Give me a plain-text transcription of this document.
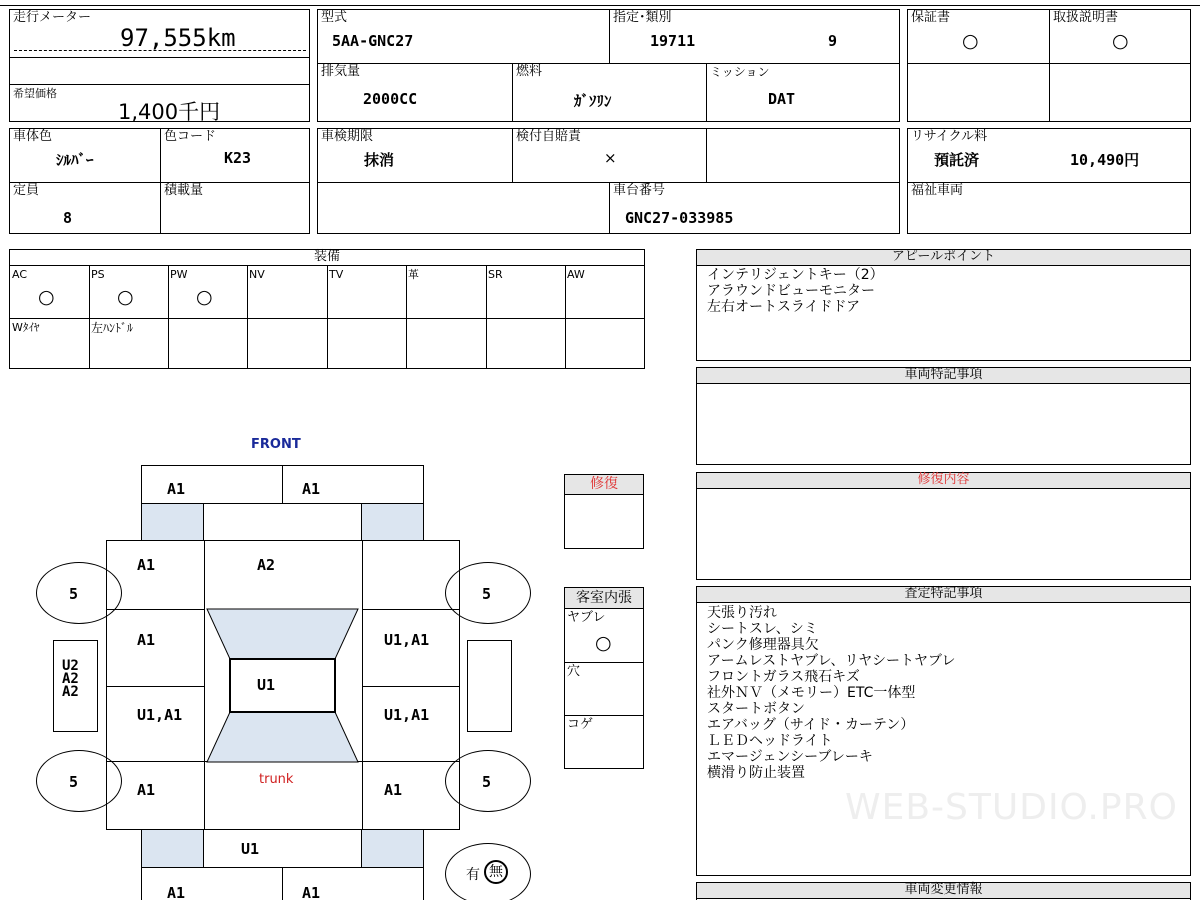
走行メーター
97,555km
希望価格
1,400千円
型式
5AA-GNC27
指定･類別
19711	9
排気量
2000CC
燃料
ｶﾞｿﾘﾝ
ミッション
DAT
保証書
○
取扱説明書
○
車体色
ｼﾙﾊﾞｰ
色コード
K23
定員
8
積載量
車検期限
抹消
検付自賠責
×
車台番号
GNC27-033985
リサイクル料
預託済	10,490円
福祉車両
装備
AC	PS	PW	NV	TV	革	SR	AW
○	○	○
Wﾀｲﾔ	左ﾊﾝﾄﾞﾙ
アピールポイント
インテリジェントキー（2）
アラウンドビューモニター
左右オートスライドドア
車両特記事項
修復内容
査定特記事項
天張り汚れ
シートスレ、シミ
パンク修理器具欠
アームレストヤブレ、リヤシートヤブレ
フロントガラス飛石キズ
社外ＮＶ（メモリー）ETC一体型
スタートボタン
エアバッグ（サイド・カーテン）
ＬＥＤヘッドライト
エマージェンシーブレーキ
横滑り防止装置
WEB-STUDIO.PRO
車両変更情報
修復
客室内張
ヤブレ
○
穴
コゲ
FRONT
A1	A1
A1	A2
A1	U1,A1
U1
U1,A1	U1,A1
trunk
A1	A1
U1
A1	A1
5	5
5	5
U2
A2
A2
有 無
